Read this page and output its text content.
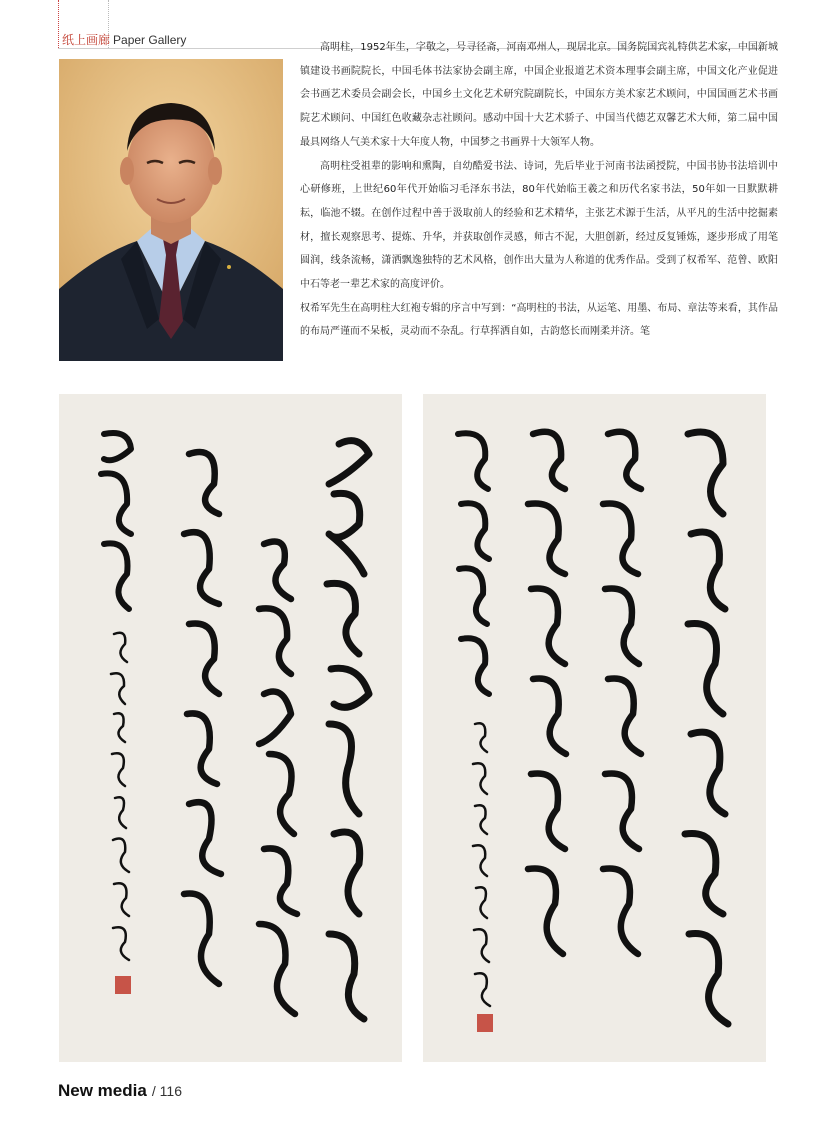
纸上画廊 Paper Gallery

高明柱，1952年生，字敬之，号寻径斋，河南邓州人，现居北京。国务院国宾礼特供艺术家，中国新城镇建设书画院院长，中国毛体书法家协会副主席，中国企业报道艺术资本理事会副主席，中国文化产业促进会书画艺术委员会副会长，中国乡土文化艺术研究院副院长，中国东方美术家艺术顾问，中国国画艺术书画院艺术顾问、中国红色收藏杂志社顾问。感动中国十大艺术骄子、中国当代德艺双馨艺术大师，第二届中国最具网络人气美术家十大年度人物，中国梦之书画界十大领军人物。

高明柱受祖辈的影响和熏陶，自幼酷爱书法、诗词，先后毕业于河南书法函授院，中国书协书法培训中心研修班，上世纪60年代开始临习毛泽东书法，80年代始临王羲之和历代名家书法，50年如一日默默耕耘，临池不辍。在创作过程中善于汲取前人的经验和艺术精华，主张艺术源于生活，从平凡的生活中挖掘素材，擅长观察思考、提炼、升华，并获取创作灵感，师古不泥，大胆创新，经过反复锤炼，逐步形成了用笔圆润，线条流畅，潇洒飘逸独特的艺术风格，创作出大量为人称道的优秀作品。受到了权希军、范曾、欧阳中石等老一辈艺术家的高度评价。

权希军先生在高明柱大红袍专辑的序言中写到：“高明柱的书法，从运笔、用墨、布局、章法等来看，其作品的布局严谨而不呆板，灵动而不杂乱。行草挥洒自如，古韵悠长而刚柔并济。笔

New media / 116
